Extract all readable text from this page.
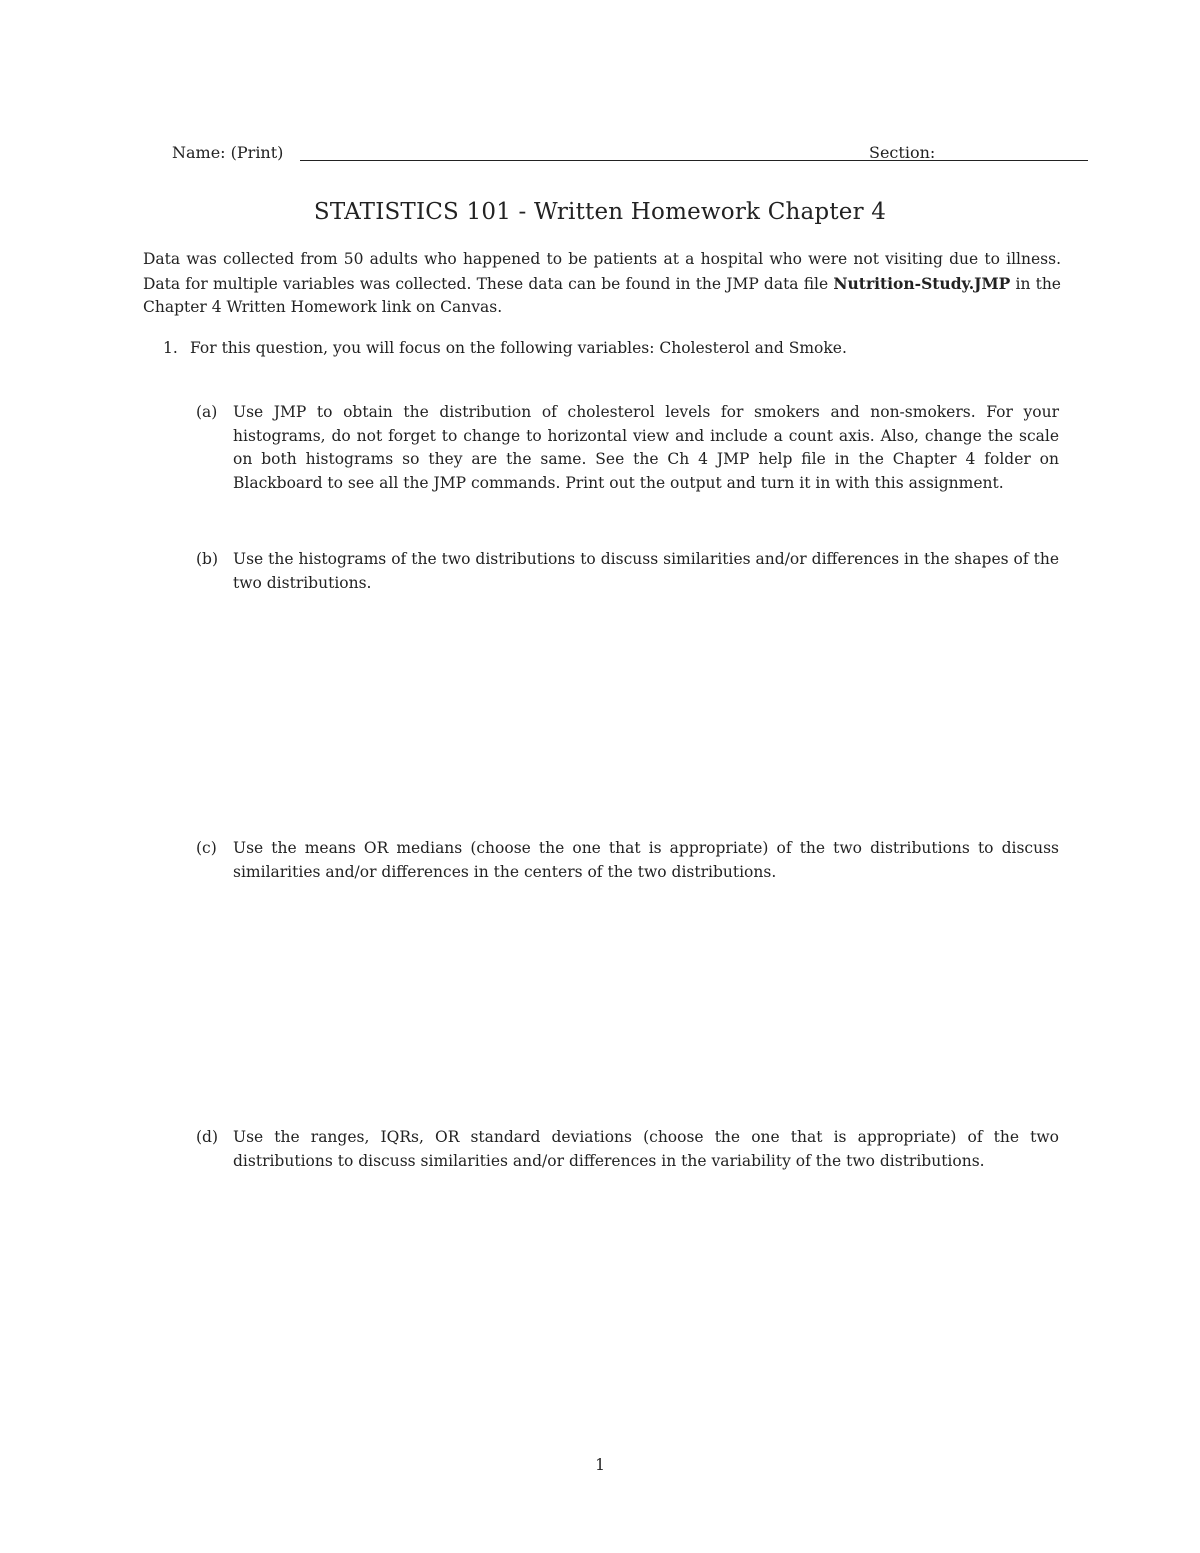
Name: (Print)	Section:
STATISTICS 101 - Written Homework Chapter 4
Data was collected from 50 adults who happened to be patients at a hospital who were not visiting due to illness. Data for multiple variables was collected. These data can be found in the JMP data file Nutrition-Study.JMP in the Chapter 4 Written Homework link on Canvas.
1. For this question, you will focus on the following variables: Cholesterol and Smoke.
(a)	Use JMP to obtain the distribution of cholesterol levels for smokers and non-smokers. For your histograms, do not forget to change to horizontal view and include a count axis. Also, change the scale on both histograms so they are the same. See the Ch 4 JMP help file in the Chapter 4 folder on Blackboard to see all the JMP commands. Print out the output and turn it in with this assignment.
(b) Use the histograms of the two distributions to discuss similarities and/or differences in the shapes of the two distributions.
(c)	Use the means OR medians (choose the one that is appropriate) of the two distributions to discuss similarities and/or differences in the centers of the two distributions.
(d) Use the ranges, IQRs, OR standard deviations (choose the one that is appropriate) of the two distributions to discuss similarities and/or differences in the variability of the two distributions.
1
